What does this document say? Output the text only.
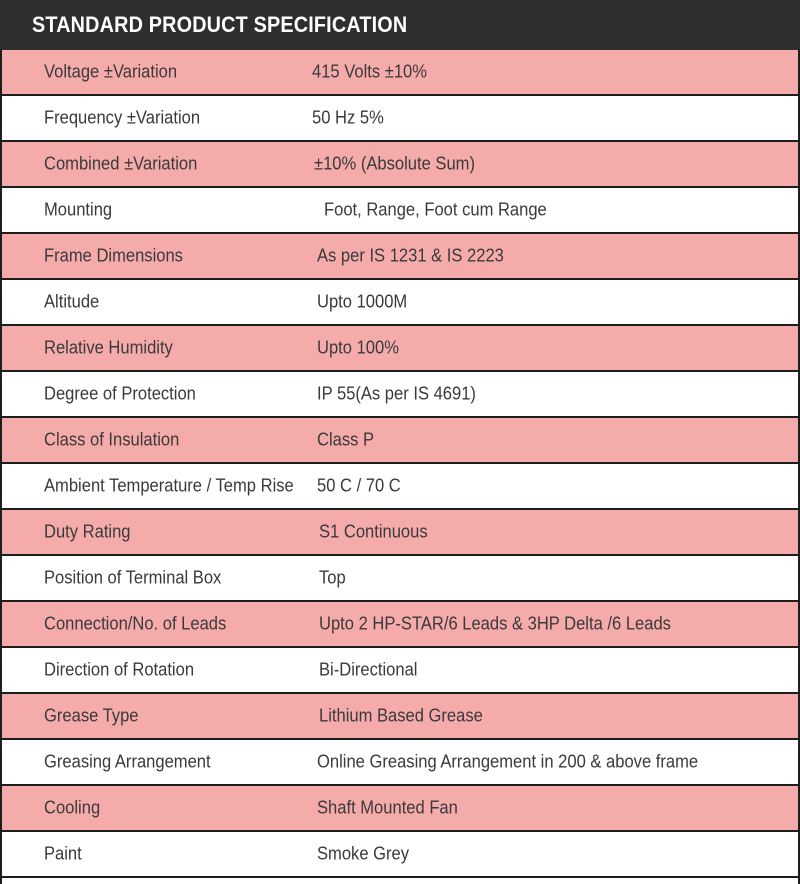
STANDARD PRODUCT SPECIFICATION
Voltage ±Variation	415 Volts ±10%
Frequency ±Variation	50 Hz 5%
Combined ±Variation	±10% (Absolute Sum)
Mounting	Foot, Range, Foot cum Range
Frame Dimensions	As per IS 1231 & IS 2223
Altitude	Upto 1000M
Relative Humidity	Upto 100%
Degree of Protection	IP 55(As per IS 4691)
Class of Insulation	Class P
Ambient Temperature / Temp Rise 50 C / 70 C
Duty Rating	S1 Continuous
Position of Terminal Box	Top
Connection/No. of Leads	Upto 2 HP-STAR/6 Leads & 3HP Delta /6 Leads
Direction of Rotation	Bi-Directional
Grease Type	Lithium Based Grease
Greasing Arrangement	Online Greasing Arrangement in 200 & above frame
Cooling	Shaft Mounted Fan
Paint	Smoke Grey
